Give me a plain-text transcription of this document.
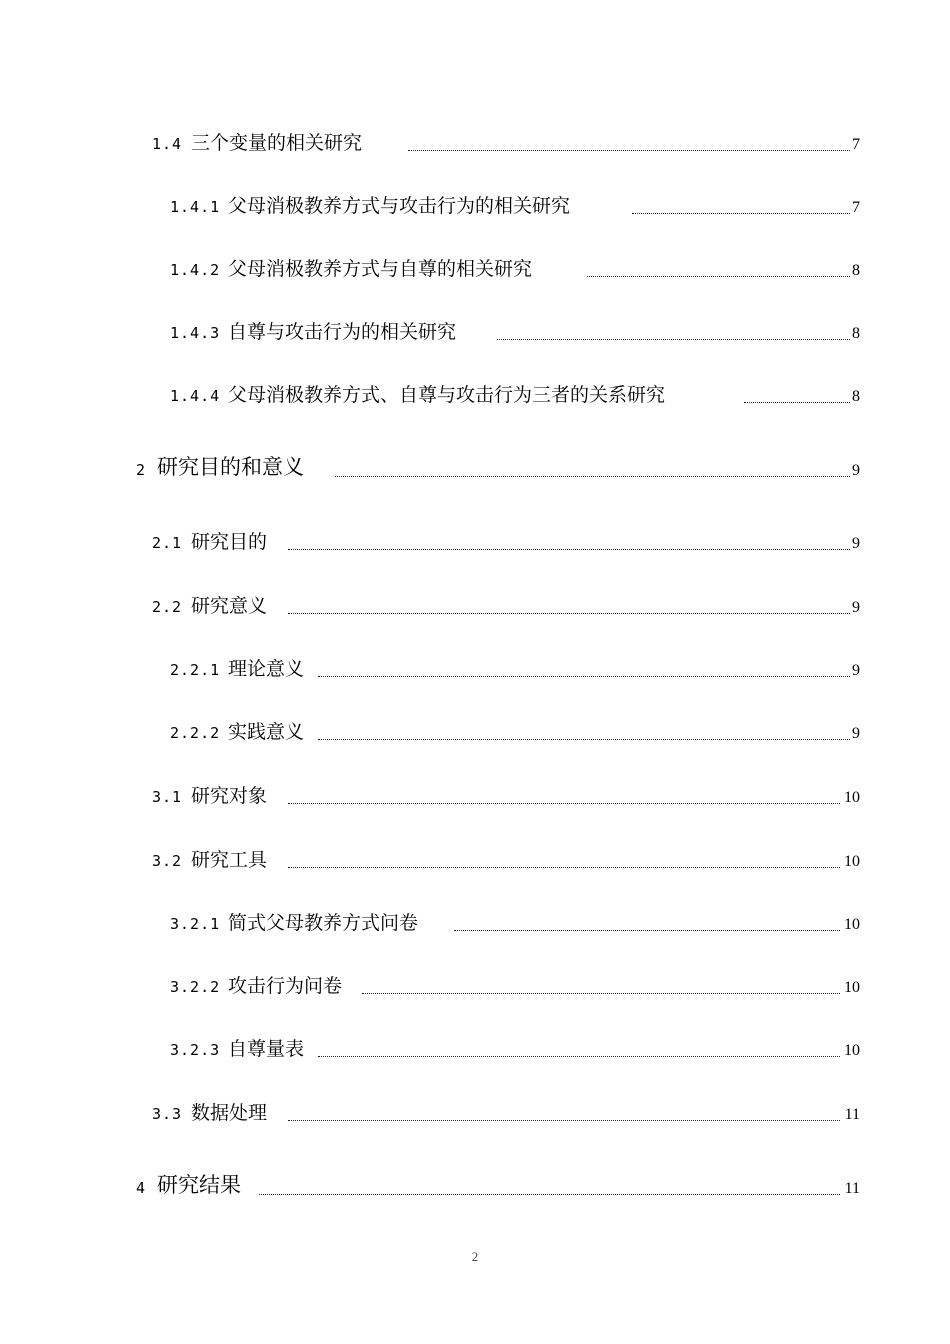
1.4 三个变量的相关研究	7
1.4.1 父母消极教养方式与攻击行为的相关研究	7
1.4.2 父母消极教养方式与自尊的相关研究	8
1.4.3 自尊与攻击行为的相关研究	8
1.4.4 父母消极教养方式、自尊与攻击行为三者的关系研究	8
2 研究目的和意义	9
2.1 研究目的	9
2.2 研究意义	9
2.2.1 理论意义	9
2.2.2 实践意义	9
3.1 研究对象	10
3.2 研究工具	10
3.2.1 简式父母教养方式问卷	10
3.2.2 攻击行为问卷	10
3.2.3 自尊量表	10
3.3 数据处理	11
4 研究结果	11
2
